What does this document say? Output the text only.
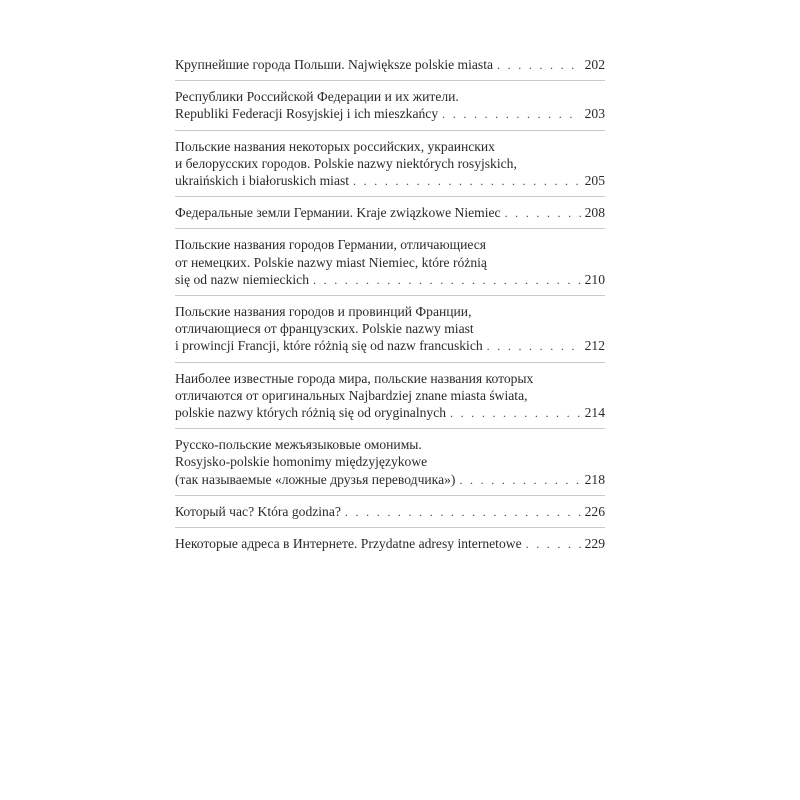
Крупнейшие города Польши. Największe polskie miasta . . .	202
Республики Российской Федерации и их жители.
Republiki Federacji Rosyjskiej i ich mieszkańcy . . .	203
Польские названия некоторых российских, украинских
и белорусских городов. Polskie nazwy niektórych rosyjskich,
ukraińskich i białoruskich miast . . .	205
Федеральные земли Германии. Kraje związkowe Niemiec . . .	208
Польские названия городов Германии, отличающиеся
от немецких. Polskie nazwy miast Niemiec, które różnią
się od nazw niemieckich . . .	210
Польские названия городов и провинций Франции,
отличающиеся от французских. Polskie nazwy miast
i prowincji Francji, które różnią się od nazw francuskich . . .	212
Наиболее известные города мира, польские названия которых
отличаются от оригинальных Najbardziej znane miasta świata,
polskie nazwy których różnią się od oryginalnych . . .	214
Русско-польские межъязыковые омонимы.
Rosyjsko-polskie homonimy międzyjęzykowe
(так называемые «ложные друзья переводчика») . . .	218
Который час? Która godzina? . . .	226
Некоторые адреса в Интернете. Przydatne adresy internetowe . . .	229
